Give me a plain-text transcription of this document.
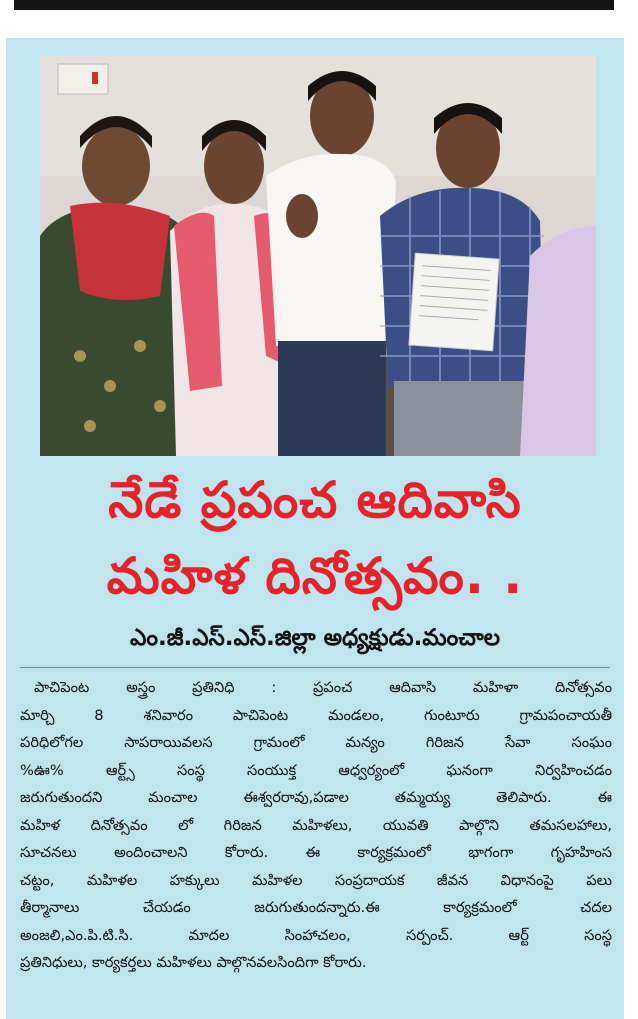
నేడే ప్రపంచ ఆదివాసి
మహిళ దినోత్సవం. .
ఎం.జీ.ఎస్.ఎస్.జిల్లా అధ్యక్షుడు.మంచాల
పాచిపెంట అస్త్రం ప్రతినిధి : ప్రపంచ ఆదివాసి మహిళా దినోత్సవం
మార్చి 8 శనివారం పాచిపెంట మండలం, గుంటూరు గ్రామపంచాయతీ
పరిధిలోగల సాపరాయివలస గ్రామంలో మన్యం గిరిజన సేవా సంఘం
%ఊ% ఆర్ట్స్ సంస్థ సంయుక్త ఆధ్వర్యంలో ఘనంగా నిర్వహించడం
జరుగుతుందని మంచాల ఈశ్వరరావు,పడాల తమ్మయ్య తెలిపారు. ఈ
మహిళ దినోత్సవం లో గిరిజన మహిళలు, యువతి పాల్గొని తమసలహాలు,
సూచనలు అందించాలని కోరారు. ఈ కార్యక్రమంలో భాగంగా గృహహింస
చట్టం, మహిళల హక్కులు మహిళల సంప్రదాయక జీవన విధానంపై పలు
తీర్మానాలు చేయడం జరుగుతుందన్నారు.ఈ కార్యక్రమంలో చదల
అంజలి,ఎం.పి.టి.సి. మాదల సింహాచలం, సర్పంచ్. ఆర్ట్ సంస్థ
ప్రతినిధులు, కార్యకర్తలు మహిళలు పాల్గొనవలసిందిగా కోరారు.
